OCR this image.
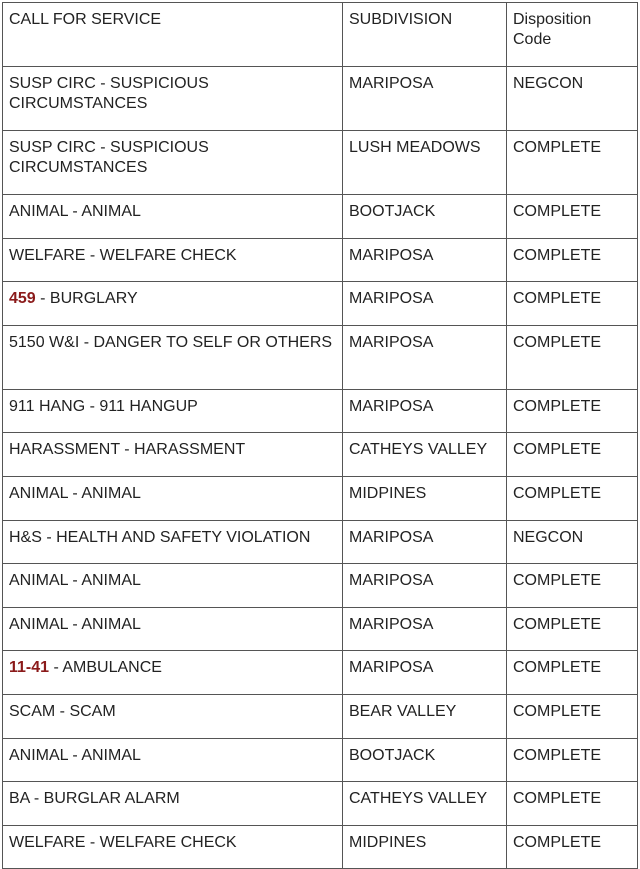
CALL FOR SERVICE	SUBDIVISION	Disposition Code
SUSP CIRC - SUSPICIOUS CIRCUMSTANCES	MARIPOSA	NEGCON
SUSP CIRC - SUSPICIOUS CIRCUMSTANCES	LUSH MEADOWS	COMPLETE
ANIMAL - ANIMAL	BOOTJACK	COMPLETE
WELFARE - WELFARE CHECK	MARIPOSA	COMPLETE
459 - BURGLARY	MARIPOSA	COMPLETE
5150 W&I - DANGER TO SELF OR OTHERS	MARIPOSA	COMPLETE
911 HANG - 911 HANGUP	MARIPOSA	COMPLETE
HARASSMENT - HARASSMENT	CATHEYS VALLEY	COMPLETE
ANIMAL - ANIMAL	MIDPINES	COMPLETE
H&S - HEALTH AND SAFETY VIOLATION	MARIPOSA	NEGCON
ANIMAL - ANIMAL	MARIPOSA	COMPLETE
ANIMAL - ANIMAL	MARIPOSA	COMPLETE
11-41 - AMBULANCE	MARIPOSA	COMPLETE
SCAM - SCAM	BEAR VALLEY	COMPLETE
ANIMAL - ANIMAL	BOOTJACK	COMPLETE
BA - BURGLAR ALARM	CATHEYS VALLEY	COMPLETE
WELFARE - WELFARE CHECK	MIDPINES	COMPLETE
